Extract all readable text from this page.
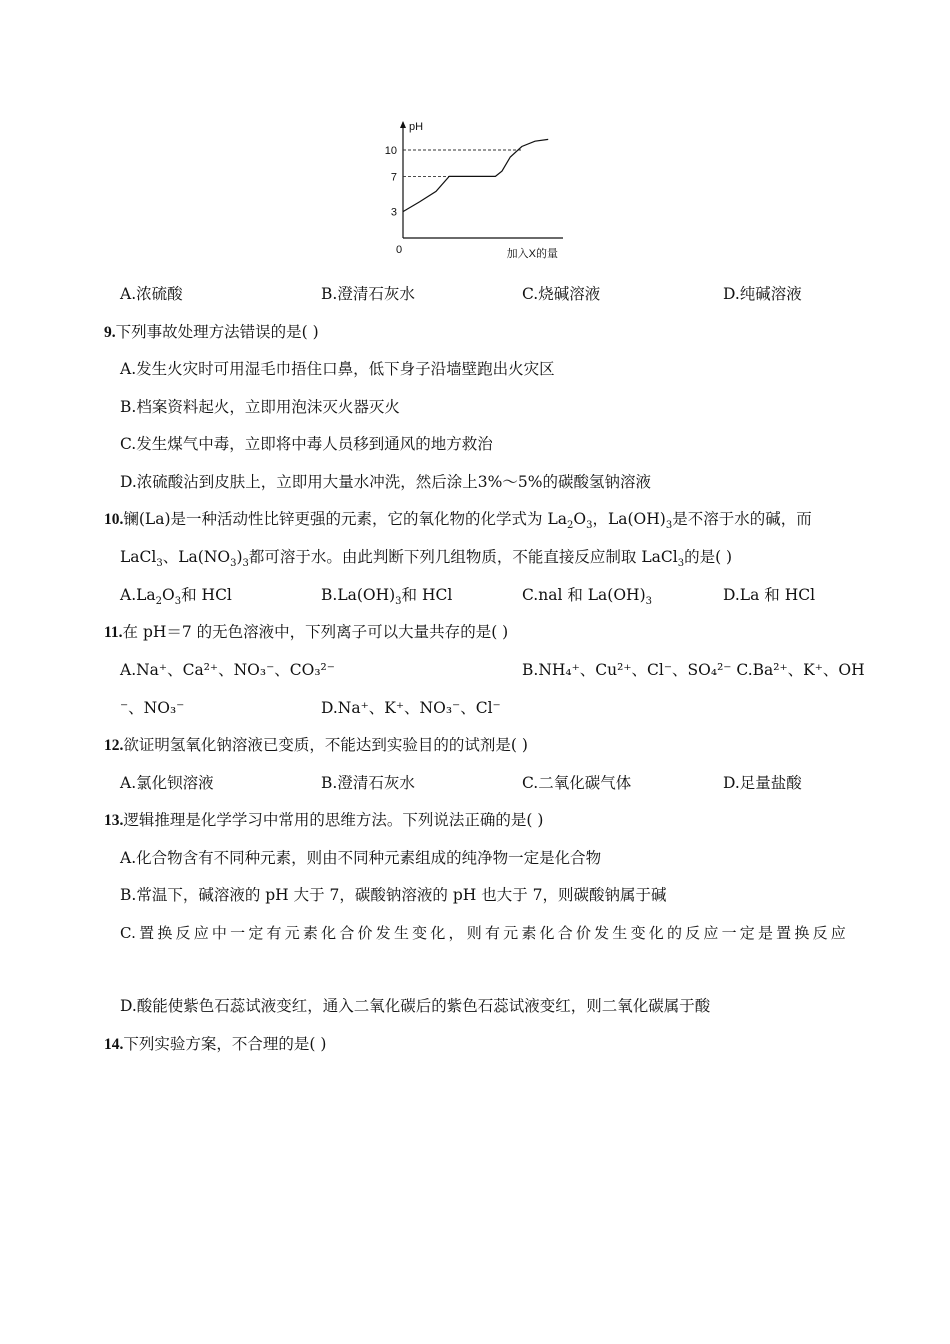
3
7
10
pH
加入X的量
0
A.浓硫酸	B.澄清石灰水	C.烧碱溶液	D.纯碱溶液
9.下列事故处理方法错误的是( )
A.发生火灾时可用湿毛巾捂住口鼻，低下身子沿墙壁跑出火灾区
B.档案资料起火，立即用泡沫灭火器灭火
C.发生煤气中毒，立即将中毒人员移到通风的地方救治
D.浓硫酸沾到皮肤上，立即用大量水冲洗，然后涂上3%～5%的碳酸氢钠溶液
10.镧(La)是一种活动性比锌更强的元素，它的氧化物的化学式为 $La_2O_3$，$La(OH)_3$是不溶于水的碱，而
LaCl$_3$、$La(NO_3)_3$都可溶于水。由此判断下列几组物质，不能直接反应制取 LaCl$_3$的是( )
$A.La_2O_3$和 HCl	$B.La(OH)_3$和 HCl	C.nal 和 $La(OH)_3$	D.La 和 HCl
11.在 pH＝7 的无色溶液中，下列离子可以大量共存的是( )
A.Na⁺、Ca²⁺、NO₃⁻、CO₃²⁻	B.NH₄⁺、Cu²⁺、Cl⁻、SO₄²⁻ C.Ba²⁺、K⁺、OH
⁻、NO₃⁻	D.Na⁺、K⁺、NO₃⁻、Cl⁻
12.欲证明氢氧化钠溶液已变质，不能达到实验目的的试剂是( )
A.氯化钡溶液	B.澄清石灰水	C.二氧化碳气体	D.足量盐酸
13.逻辑推理是化学学习中常用的思维方法。下列说法正确的是( )
A.化合物含有不同种元素，则由不同种元素组成的纯净物一定是化合物
B.常温下，碱溶液的 pH 大于 7，碳酸钠溶液的 pH 也大于 7，则碳酸钠属于碱
C.置换反应中一定有元素化合价发生变化，则有元素化合价发生变化的反应一定是置换反应
D.酸能使紫色石蕊试液变红，通入二氧化碳后的紫色石蕊试液变红，则二氧化碳属于酸
14.下列实验方案，不合理的是( )
